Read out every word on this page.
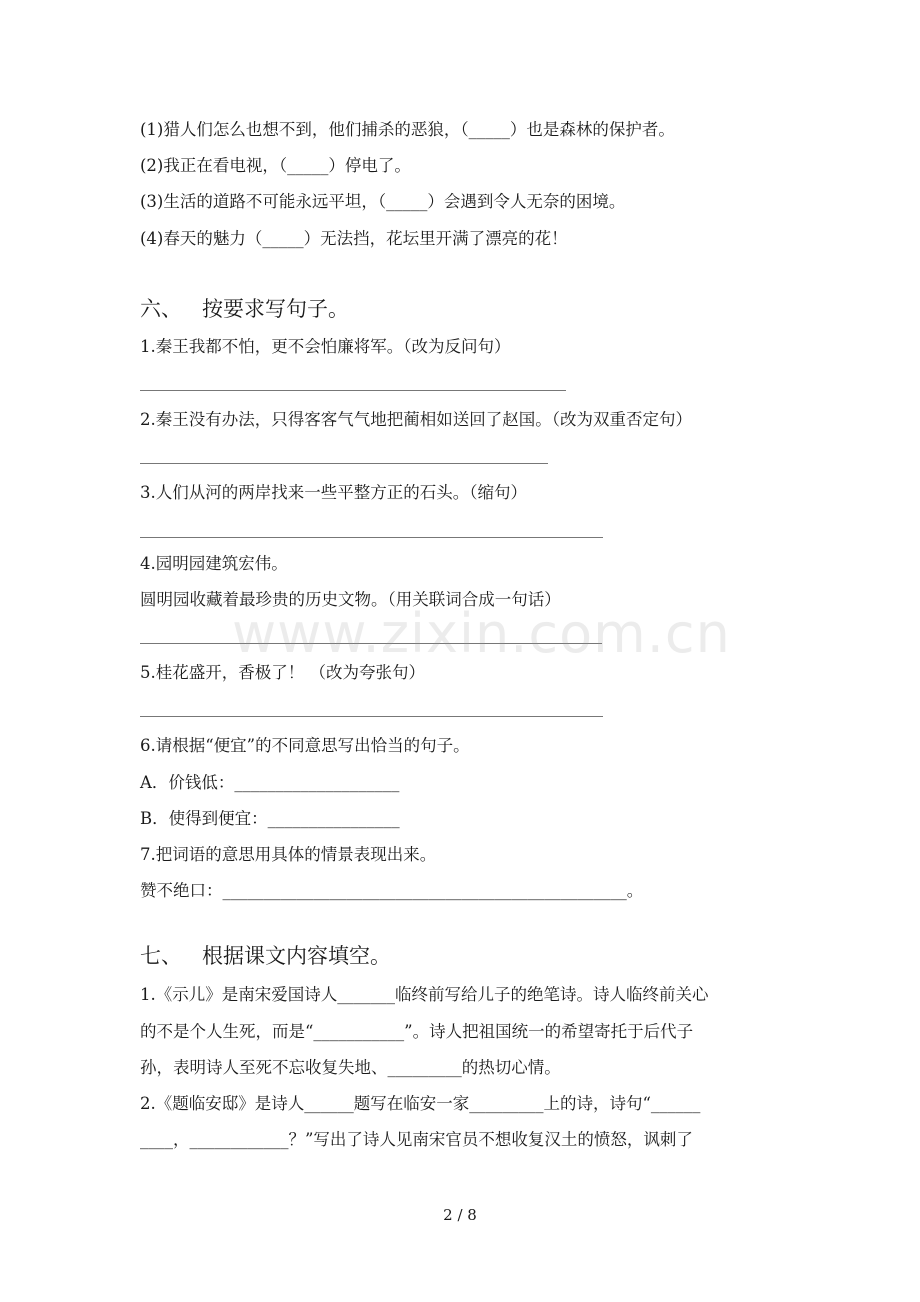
(1)猎人们怎么也想不到，他们捕杀的恶狼，（_____）也是森林的保护者。
(2)我正在看电视，（_____）停电了。
(3)生活的道路不可能永远平坦，（_____）会遇到令人无奈的困境。
(4)春天的魅力（_____）无法挡，花坛里开满了漂亮的花！
六、 按要求写句子。
1.秦王我都不怕，更不会怕廉将军。（改为反问句）
2.秦王没有办法，只得客客气气地把蔺相如送回了赵国。（改为双重否定句）
3.人们从河的两岸找来一些平整方正的石头。（缩句）
4.园明园建筑宏伟。
圆明园收藏着最珍贵的历史文物。（用关联词合成一句话）
5.桂花盛开，香极了！ （改为夸张句）
6.请根据“便宜”的不同意思写出恰当的句子。
A．价钱低：____________________
B．使得到便宜：________________
7.把词语的意思用具体的情景表现出来。
赞不绝口：_________________________________________________。
七、 根据课文内容填空。
1.《示儿》是南宋爱国诗人_______临终前写给儿子的绝笔诗。诗人临终前关心
的不是个人生死，而是“___________”。诗人把祖国统一的希望寄托于后代子
孙，表明诗人至死不忘收复失地、_________的热切心情。
2.《题临安邸》是诗人______题写在临安一家_________上的诗，诗句“______
____，____________？”写出了诗人见南宋官员不想收复汉土的愤怒，讽刺了
www.zixin.com.cn
2 / 8
